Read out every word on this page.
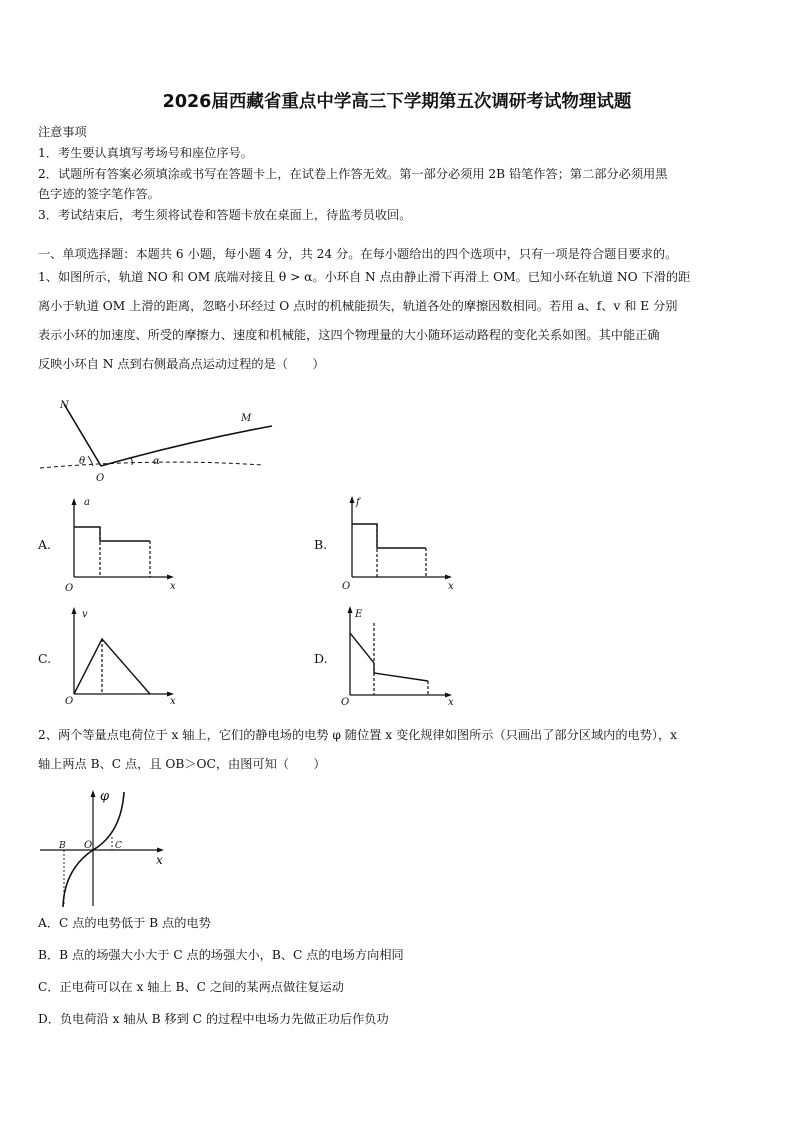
2026届西藏省重点中学高三下学期第五次调研考试物理试题
注意事项
1．考生要认真填写考场号和座位序号。
2．试题所有答案必须填涂或书写在答题卡上，在试卷上作答无效。第一部分必须用 2B 铅笔作答；第二部分必须用黑
色字迹的签字笔作答。
3．考试结束后，考生须将试卷和答题卡放在桌面上，待监考员收回。
一、单项选择题：本题共 6 小题，每小题 4 分，共 24 分。在每小题给出的四个选项中，只有一项是符合题目要求的。
1、如图所示，轨道 NO 和 OM 底端对接且 θ > α。小环自 N 点由静止滑下再滑上 OM。已知小环在轨道 NO 下滑的距
离小于轨道 OM 上滑的距离，忽略小环经过 O 点时的机械能损失，轨道各处的摩擦因数相同。若用 a、f、v 和 E 分别
表示小环的加速度、所受的摩擦力、速度和机械能，这四个物理量的大小随环运动路程的变化关系如图。其中能正确
反映小环自 N 点到右侧最高点运动过程的是（　　）
N
M
O
θ	α
A.
a
x
O
B.
f
x
O
C.
v
x
O
D.
E
x
O
2、两个等量点电荷位于 x 轴上，它们的静电场的电势 φ 随位置 x 变化规律如图所示（只画出了部分区域内的电势），x
轴上两点 B、C 点，且 OB＞OC，由图可知（　　）
φ
x
B O	C
A．C 点的电势低于 B 点的电势
B．B 点的场强大小大于 C 点的场强大小，B、C 点的电场方向相同
C．正电荷可以在 x 轴上 B、C 之间的某两点做往复运动
D．负电荷沿 x 轴从 B 移到 C 的过程中电场力先做正功后作负功
